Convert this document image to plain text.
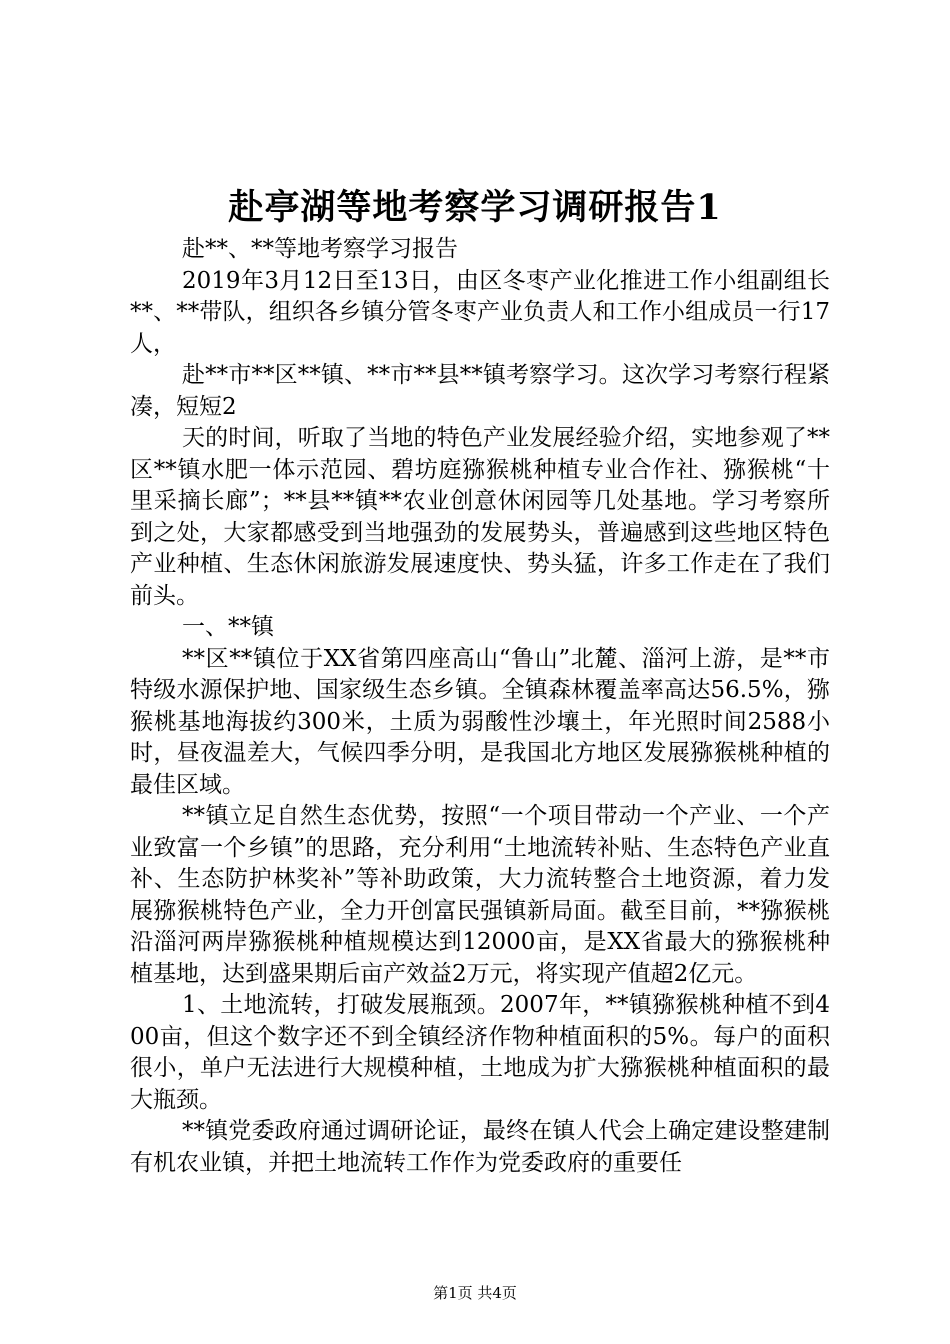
赴亭湖等地考察学习调研报告1

赴**、**等地考察学习报告

2019年3月12日至13日，由区冬枣产业化推进工作小组副组长**、**带队，组织各乡镇分管冬枣产业负责人和工作小组成员一行17人，

赴**市**区**镇、**市**县**镇考察学习。这次学习考察行程紧凑，短短2

天的时间，听取了当地的特色产业发展经验介绍，实地参观了**区**镇水肥一体示范园、碧坊庭猕猴桃种植专业合作社、猕猴桃“十里采摘长廊”；**县**镇**农业创意休闲园等几处基地。学习考察所到之处，大家都感受到当地强劲的发展势头，普遍感到这些地区特色产业种植、生态休闲旅游发展速度快、势头猛，许多工作走在了我们前头。

一、**镇

**区**镇位于XX省第四座高山“鲁山”北麓、淄河上游，是**市特级水源保护地、国家级生态乡镇。全镇森林覆盖率高达56.5%，猕猴桃基地海拔约300米，土质为弱酸性沙壤土，年光照时间2588小时，昼夜温差大，气候四季分明，是我国北方地区发展猕猴桃种植的最佳区域。

**镇立足自然生态优势，按照“一个项目带动一个产业、一个产业致富一个乡镇”的思路，充分利用“土地流转补贴、生态特色产业直补、生态防护林奖补”等补助政策，大力流转整合土地资源，着力发展猕猴桃特色产业，全力开创富民强镇新局面。截至目前，**猕猴桃沿淄河两岸猕猴桃种植规模达到12000亩，是XX省最大的猕猴桃种植基地，达到盛果期后亩产效益2万元，将实现产值超2亿元。

1、土地流转，打破发展瓶颈。2007年，**镇猕猴桃种植不到400亩，但这个数字还不到全镇经济作物种植面积的5%。每户的面积很小，单户无法进行大规模种植，土地成为扩大猕猴桃种植面积的最大瓶颈。

**镇党委政府通过调研论证，最终在镇人代会上确定建设整建制有机农业镇，并把土地流转工作作为党委政府的重要任

第1页 共4页
